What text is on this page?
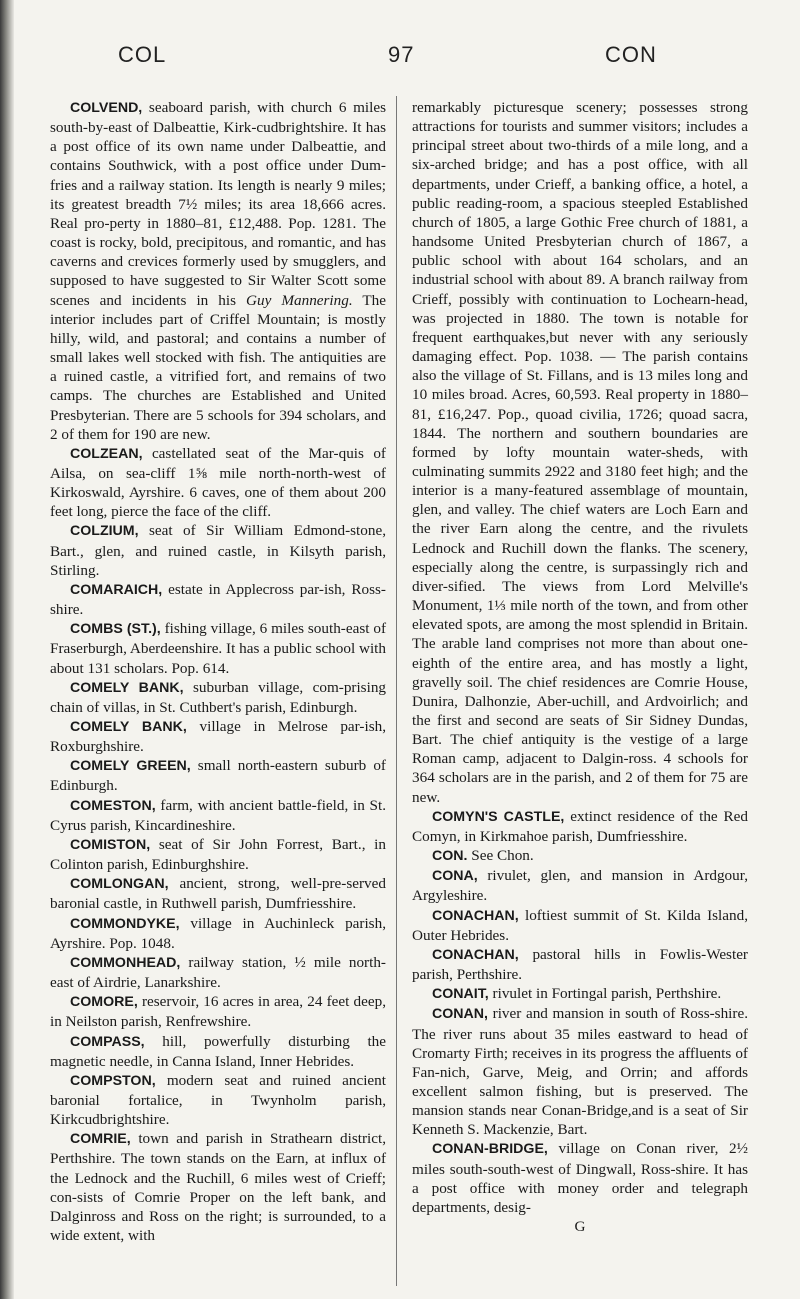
COL	97	CON

COLVEND, seaboard parish, with church 6 miles south-by-east of Dalbeattie, Kirk-cudbrightshire. It has a post office of its own name under Dalbeattie, and contains Southwick, with a post office under Dum-fries and a railway station. Its length is nearly 9 miles; its greatest breadth 7½ miles; its area 18,666 acres. Real pro-perty in 1880–81, £12,488. Pop. 1281. The coast is rocky, bold, precipitous, and romantic, and has caverns and crevices formerly used by smugglers, and supposed to have suggested to Sir Walter Scott some scenes and incidents in his Guy Mannering. The interior includes part of Criffel Mountain; is mostly hilly, wild, and pastoral; and contains a number of small lakes well stocked with fish. The antiquities are a ruined castle, a vitrified fort, and remains of two camps. The churches are Established and United Presbyterian. There are 5 schools for 394 scholars, and 2 of them for 190 are new.

COLZEAN, castellated seat of the Mar-quis of Ailsa, on sea-cliff 1⅝ mile north-north-west of Kirkoswald, Ayrshire. 6 caves, one of them about 200 feet long, pierce the face of the cliff.

COLZIUM, seat of Sir William Edmond-stone, Bart., glen, and ruined castle, in Kilsyth parish, Stirling.

COMARAICH, estate in Applecross par-ish, Ross-shire.

COMBS (ST.), fishing village, 6 miles south-east of Fraserburgh, Aberdeenshire. It has a public school with about 131 scholars. Pop. 614.

COMELY BANK, suburban village, com-prising chain of villas, in St. Cuthbert's parish, Edinburgh.

COMELY BANK, village in Melrose par-ish, Roxburghshire.

COMELY GREEN, small north-eastern suburb of Edinburgh.

COMESTON, farm, with ancient battle-field, in St. Cyrus parish, Kincardineshire.

COMISTON, seat of Sir John Forrest, Bart., in Colinton parish, Edinburghshire.

COMLONGAN, ancient, strong, well-pre-served baronial castle, in Ruthwell parish, Dumfriesshire.

COMMONDYKE, village in Auchinleck parish, Ayrshire. Pop. 1048.

COMMONHEAD, railway station, ½ mile north-east of Airdrie, Lanarkshire.

COMORE, reservoir, 16 acres in area, 24 feet deep, in Neilston parish, Renfrewshire.

COMPASS, hill, powerfully disturbing the magnetic needle, in Canna Island, Inner Hebrides.

COMPSTON, modern seat and ruined ancient baronial fortalice, in Twynholm parish, Kirkcudbrightshire.

COMRIE, town and parish in Strathearn district, Perthshire. The town stands on the Earn, at influx of the Lednock and the Ruchill, 6 miles west of Crieff; con-sists of Comrie Proper on the left bank, and Dalginross and Ross on the right; is surrounded, to a wide extent, with

remarkably picturesque scenery; possesses strong attractions for tourists and summer visitors; includes a principal street about two-thirds of a mile long, and a six-arched bridge; and has a post office, with all departments, under Crieff, a banking office, a hotel, a public reading-room, a spacious steepled Established church of 1805, a large Gothic Free church of 1881, a handsome United Presbyterian church of 1867, a public school with about 164 scholars, and an industrial school with about 89. A branch railway from Crieff, possibly with continuation to Lochearn-head, was projected in 1880. The town is notable for frequent earthquakes,but never with any seriously damaging effect. Pop. 1038. — The parish contains also the village of St. Fillans, and is 13 miles long and 10 miles broad. Acres, 60,593. Real property in 1880–81, £16,247. Pop., quoad civilia, 1726; quoad sacra, 1844. The northern and southern boundaries are formed by lofty mountain water-sheds, with culminating summits 2922 and 3180 feet high; and the interior is a many-featured assemblage of mountain, glen, and valley. The chief waters are Loch Earn and the river Earn along the centre, and the rivulets Lednock and Ruchill down the flanks. The scenery, especially along the centre, is surpassingly rich and diver-sified. The views from Lord Melville's Monument, 1⅓ mile north of the town, and from other elevated spots, are among the most splendid in Britain. The arable land comprises not more than about one-eighth of the entire area, and has mostly a light, gravelly soil. The chief residences are Comrie House, Dunira, Dalhonzie, Aber-uchill, and Ardvoirlich; and the first and second are seats of Sir Sidney Dundas, Bart. The chief antiquity is the vestige of a large Roman camp, adjacent to Dalgin-ross. 4 schools for 364 scholars are in the parish, and 2 of them for 75 are new.

COMYN'S CASTLE, extinct residence of the Red Comyn, in Kirkmahoe parish, Dumfriesshire.

CON. See Chon.

CONA, rivulet, glen, and mansion in Ardgour, Argyleshire.

CONACHAN, loftiest summit of St. Kilda Island, Outer Hebrides.

CONACHAN, pastoral hills in Fowlis-Wester parish, Perthshire.

CONAIT, rivulet in Fortingal parish, Perthshire.

CONAN, river and mansion in south of Ross-shire. The river runs about 35 miles eastward to head of Cromarty Firth; receives in its progress the affluents of Fan-nich, Garve, Meig, and Orrin; and affords excellent salmon fishing, but is preserved. The mansion stands near Conan-Bridge,and is a seat of Sir Kenneth S. Mackenzie, Bart.

CONAN-BRIDGE, village on Conan river, 2½ miles south-south-west of Dingwall, Ross-shire. It has a post office with money order and telegraph departments, desig-

G
